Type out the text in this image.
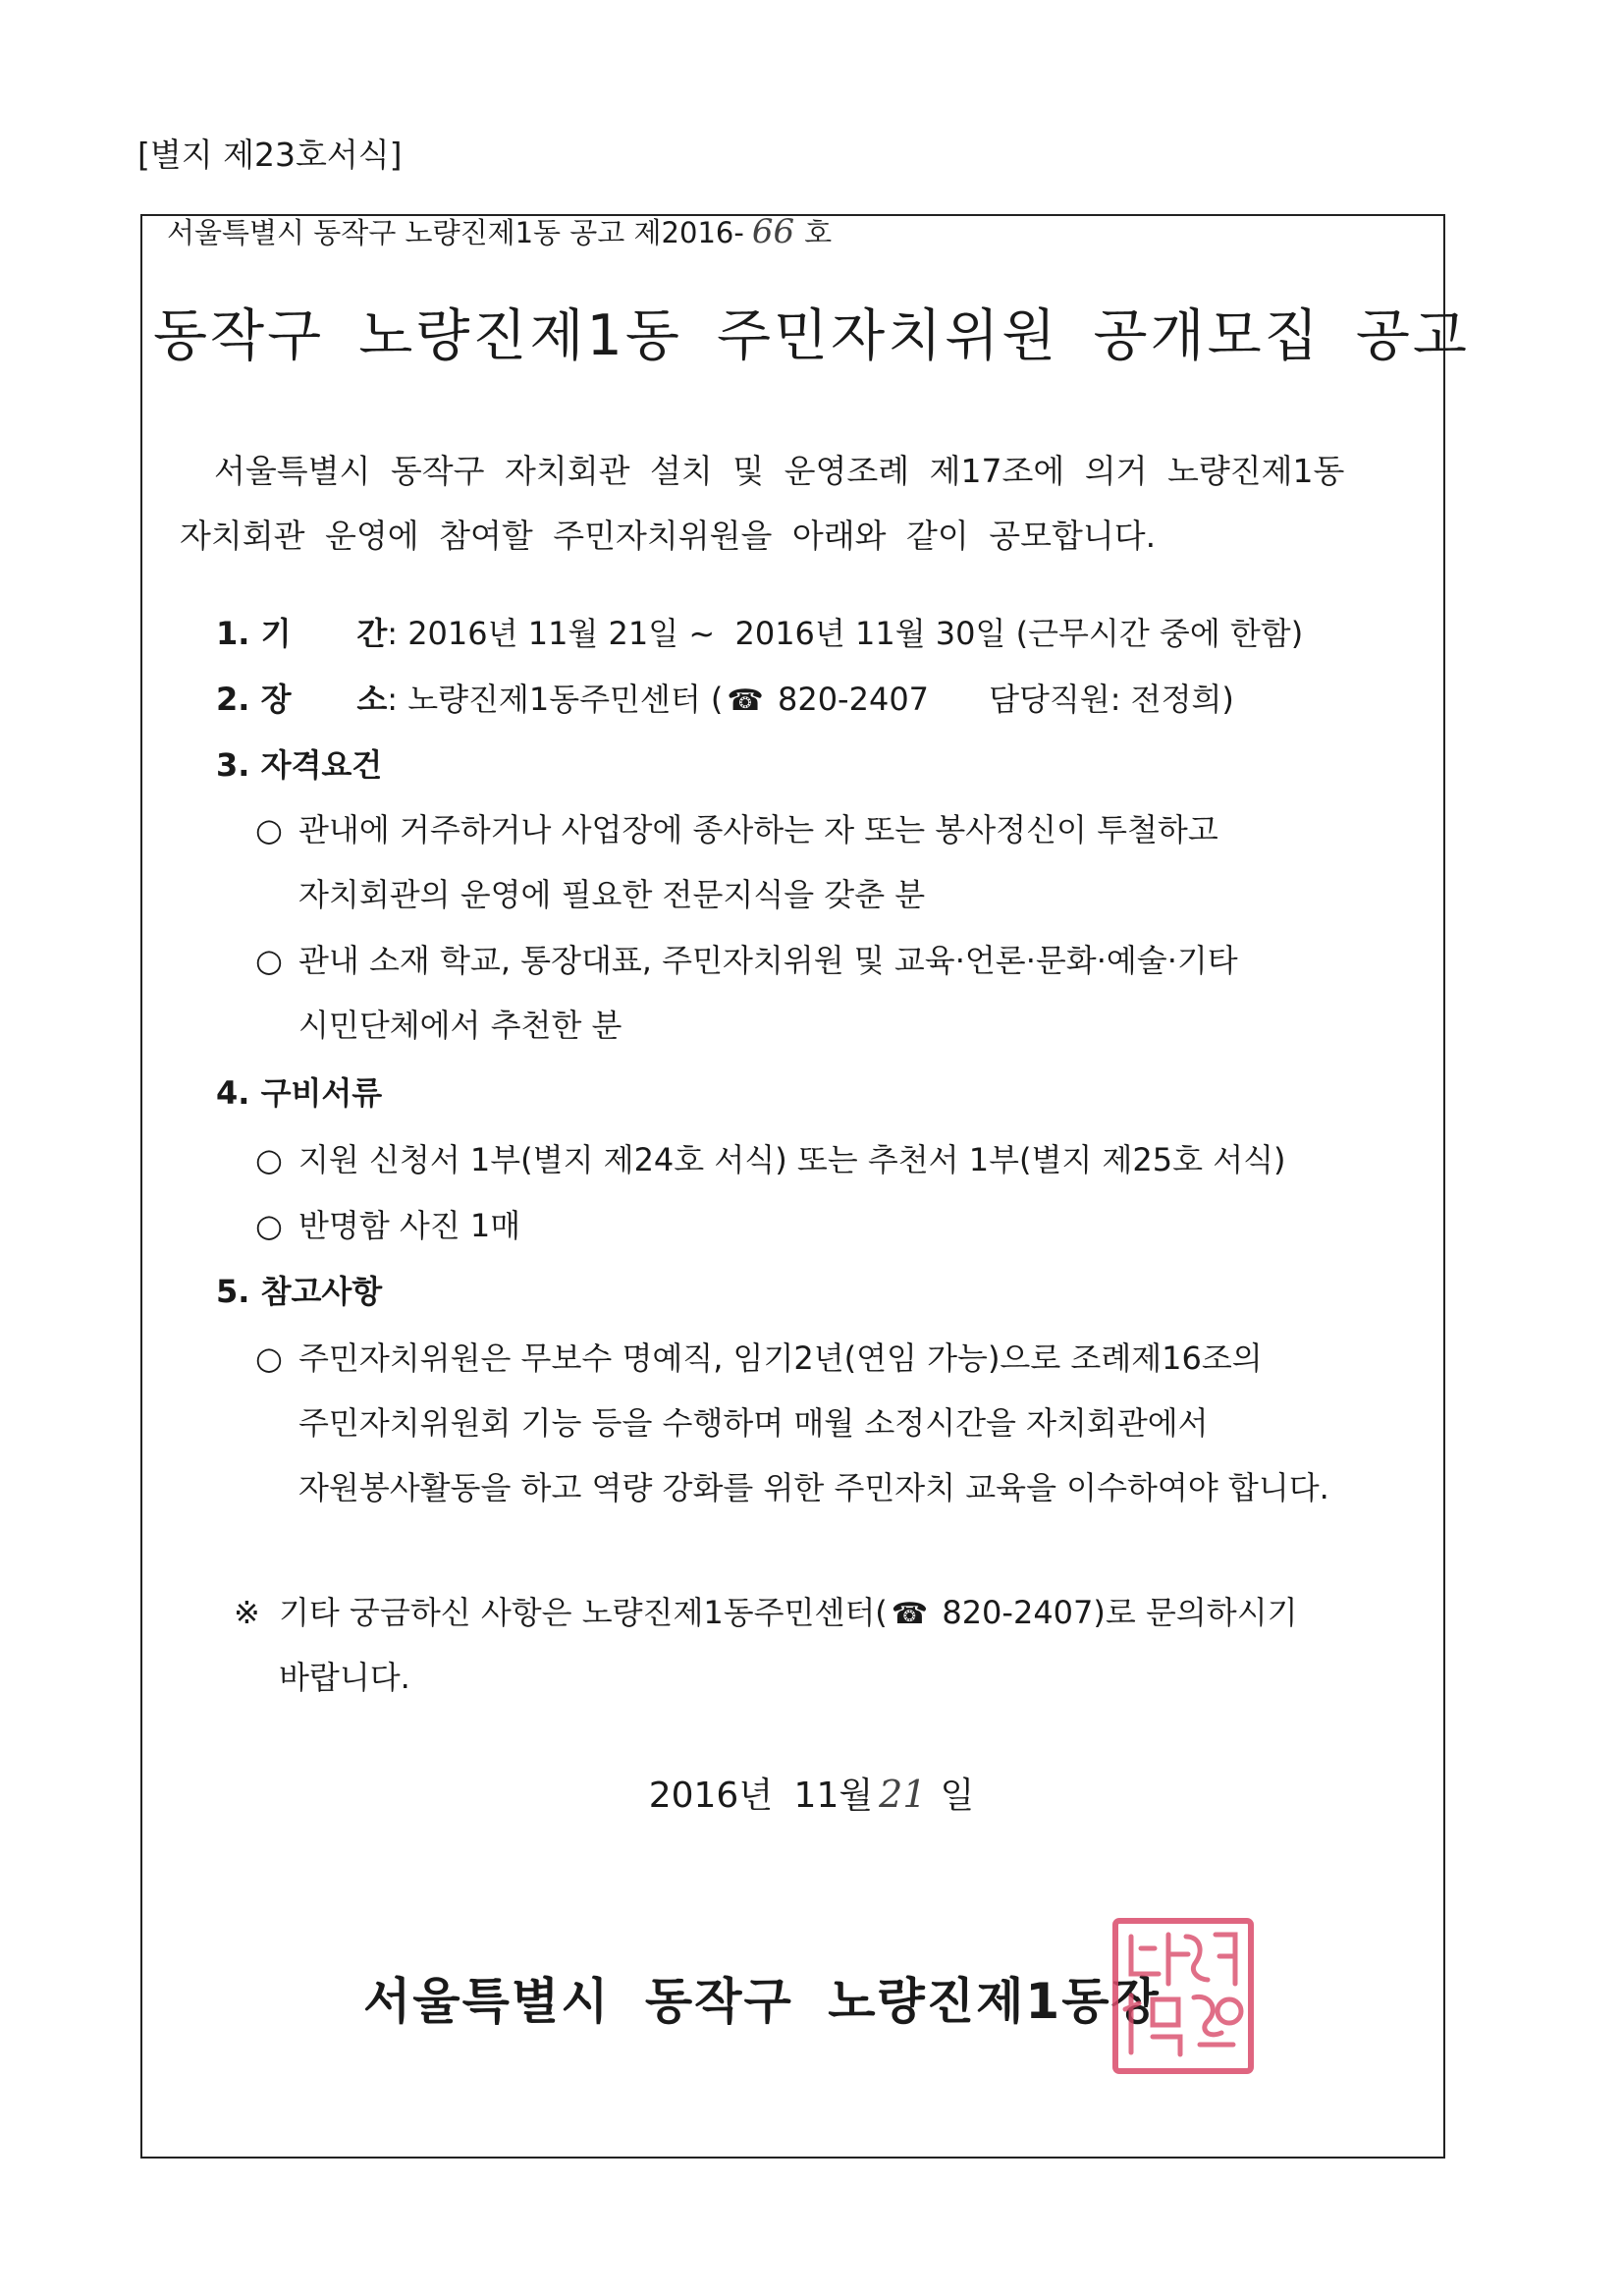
[별지 제23호서식]
서울특별시 동작구 노량진제1동 공고 제2016- 66 호
동작구 노량진제1동 주민자치위원 공개모집 공고
서울특별시 동작구 자치회관 설치 및 운영조례 제17조에 의거 노량진제1동
자치회관 운영에 참여할 주민자치위원을 아래와 같이 공모합니다.
1. 기      간: 2016년 11월 21일 ~  2016년 11월 30일 (근무시간 중에 한함)
2. 장      소: 노량진제1동주민센터 ( ☎ 820-2407      담당직원: 전정희)
3. 자격요건
○ 관내에 거주하거나 사업장에 종사하는 자 또는 봉사정신이 투철하고
자치회관의 운영에 필요한 전문지식을 갖춘 분
○ 관내 소재 학교, 통장대표, 주민자치위원 및 교육·언론·문화·예술·기타
시민단체에서 추천한 분
4. 구비서류
○ 지원 신청서 1부(별지 제24호 서식) 또는 추천서 1부(별지 제25호 서식)
○ 반명함 사진 1매
5. 참고사항
○ 주민자치위원은 무보수 명예직, 임기2년(연임 가능)으로 조례제16조의
주민자치위원회 기능 등을 수행하며 매월 소정시간을 자치회관에서
자원봉사활동을 하고 역량 강화를 위한 주민자치 교육을 이수하여야 합니다.
※ 기타 궁금하신 사항은 노량진제1동주민센터( ☎ 820-2407)로 문의하시기
바랍니다.
2016년 11월 21 일
서울특별시 동작구 노량진제1동장
